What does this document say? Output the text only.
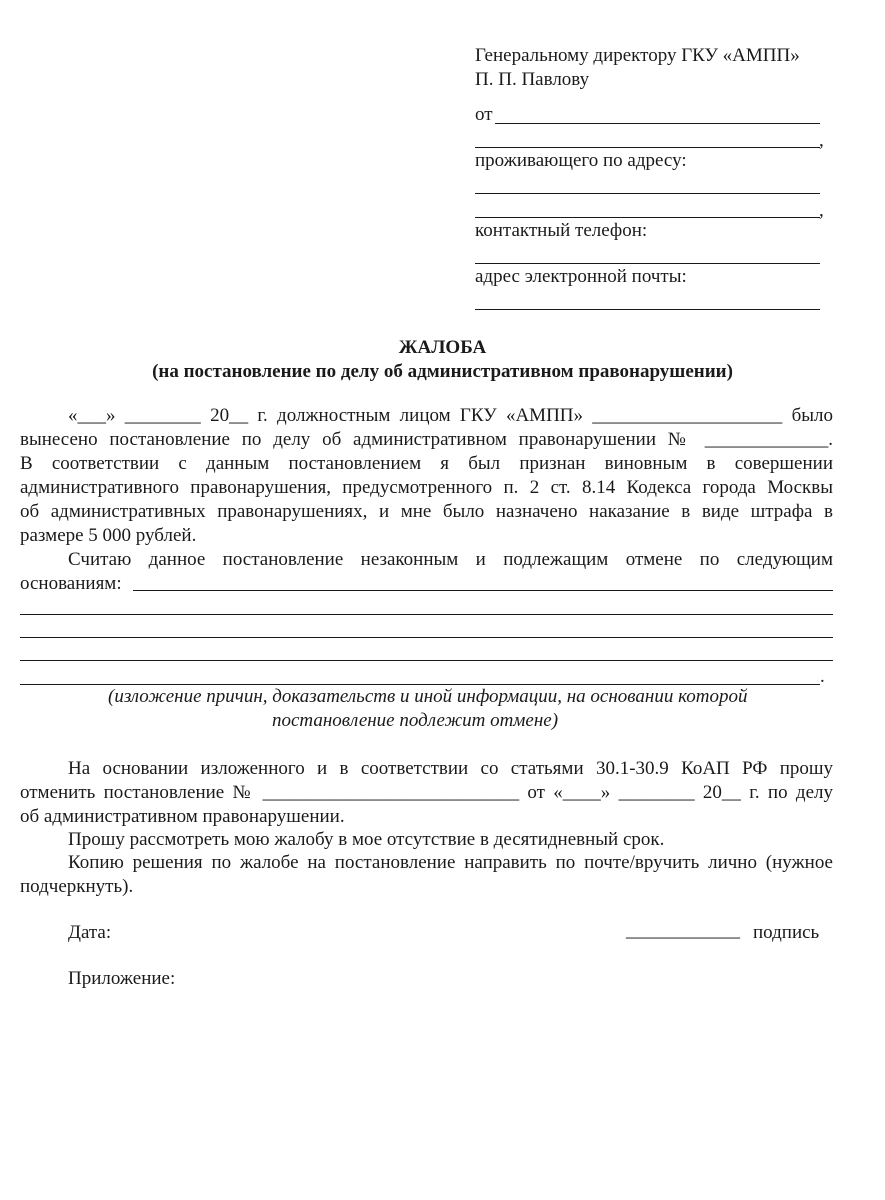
Генеральному директору ГКУ «АМПП»
П. П. Павлову
от
,
проживающего по адресу:
,
контактный телефон:
адрес электронной почты:
ЖАЛОБА
(на постановление по делу об административном правонарушении)
«___» ________ 20__ г. должностным лицом ГКУ «АМПП» ____________________ было
вынесено постановление по делу об административном правонарушении № _____________.
В соответствии с данным постановлением я был признан виновным в совершении
административного правонарушения, предусмотренного п. 2 ст. 8.14 Кодекса города Москвы
об административных правонарушениях, и мне было назначено наказание в виде штрафа в
размере 5 000 рублей.
Считаю данное постановление незаконным и подлежащим отмене по следующим
основаниям:
.
(изложение причин, доказательств и иной информации, на основании которой
постановление подлежит отмене)
На основании изложенного и в соответствии со статьями 30.1-30.9 КоАП РФ прошу
отменить постановление № ___________________________ от «____» ________ 20__ г. по делу
об административном правонарушении.
Прошу рассмотреть мою жалобу в мое отсутствие в десятидневный срок.
Копию решения по жалобе на постановление направить по почте/вручить лично (нужное
подчеркнуть).
Дата:	____________ подпись
Приложение:
